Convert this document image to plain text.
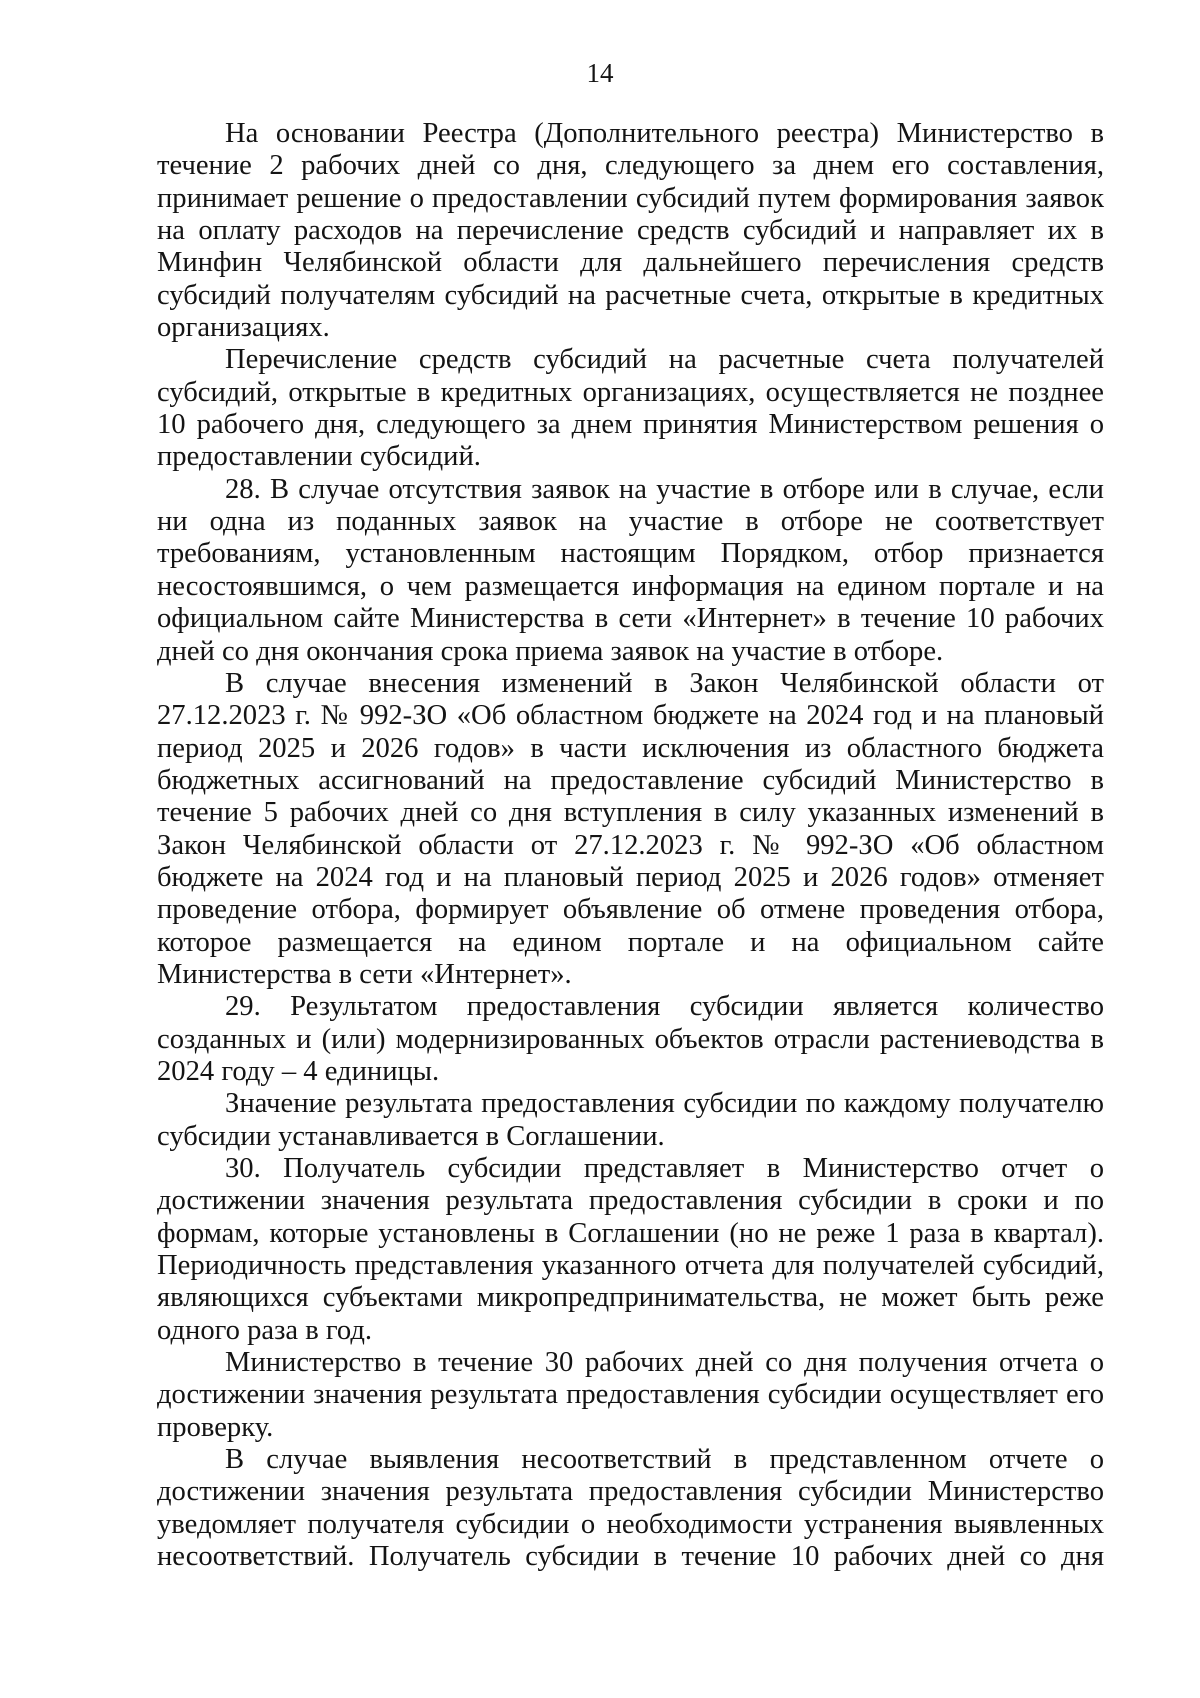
14

На основании Реестра (Дополнительного реестра) Министерство в течение 2 рабочих дней со дня, следующего за днем его составления, принимает решение о предоставлении субсидий путем формирования заявок на оплату расходов на перечисление средств субсидий и направляет их в Минфин Челябинской области для дальнейшего перечисления средств субсидий получателям субсидий на расчетные счета, открытые в кредитных организациях.

Перечисление средств субсидий на расчетные счета получателей субсидий, открытые в кредитных организациях, осуществляется не позднее 10 рабочего дня, следующего за днем принятия Министерством решения о предоставлении субсидий.

28. В случае отсутствия заявок на участие в отборе или в случае, если ни одна из поданных заявок на участие в отборе не соответствует требованиям, установленным настоящим Порядком, отбор признается несостоявшимся, о чем размещается информация на едином портале и на официальном сайте Министерства в сети «Интернет» в течение 10 рабочих дней со дня окончания срока приема заявок на участие в отборе.

В случае внесения изменений в Закон Челябинской области от 27.12.2023 г. № 992-ЗО «Об областном бюджете на 2024 год и на плановый период 2025 и 2026 годов» в части исключения из областного бюджета бюджетных ассигнований на предоставление субсидий Министерство в течение 5 рабочих дней со дня вступления в силу указанных изменений в Закон Челябинской области от 27.12.2023 г. № 992-ЗО «Об областном бюджете на 2024 год и на плановый период 2025 и 2026 годов» отменяет проведение отбора, формирует объявление об отмене проведения отбора, которое размещается на едином портале и на официальном сайте Министерства в сети «Интернет».

29. Результатом предоставления субсидии является количество созданных и (или) модернизированных объектов отрасли растениеводства в 2024 году – 4 единицы.

Значение результата предоставления субсидии по каждому получателю субсидии устанавливается в Соглашении.

30. Получатель субсидии представляет в Министерство отчет о достижении значения результата предоставления субсидии в сроки и по формам, которые установлены в Соглашении (но не реже 1 раза в квартал). Периодичность представления указанного отчета для получателей субсидий, являющихся субъектами микропредпринимательства, не может быть реже одного раза в год.

Министерство в течение 30 рабочих дней со дня получения отчета о достижении значения результата предоставления субсидии осуществляет его проверку.

В случае выявления несоответствий в представленном отчете о достижении значения результата предоставления субсидии Министерство уведомляет получателя субсидии о необходимости устранения выявленных несоответствий. Получатель субсидии в течение 10 рабочих дней со дня
